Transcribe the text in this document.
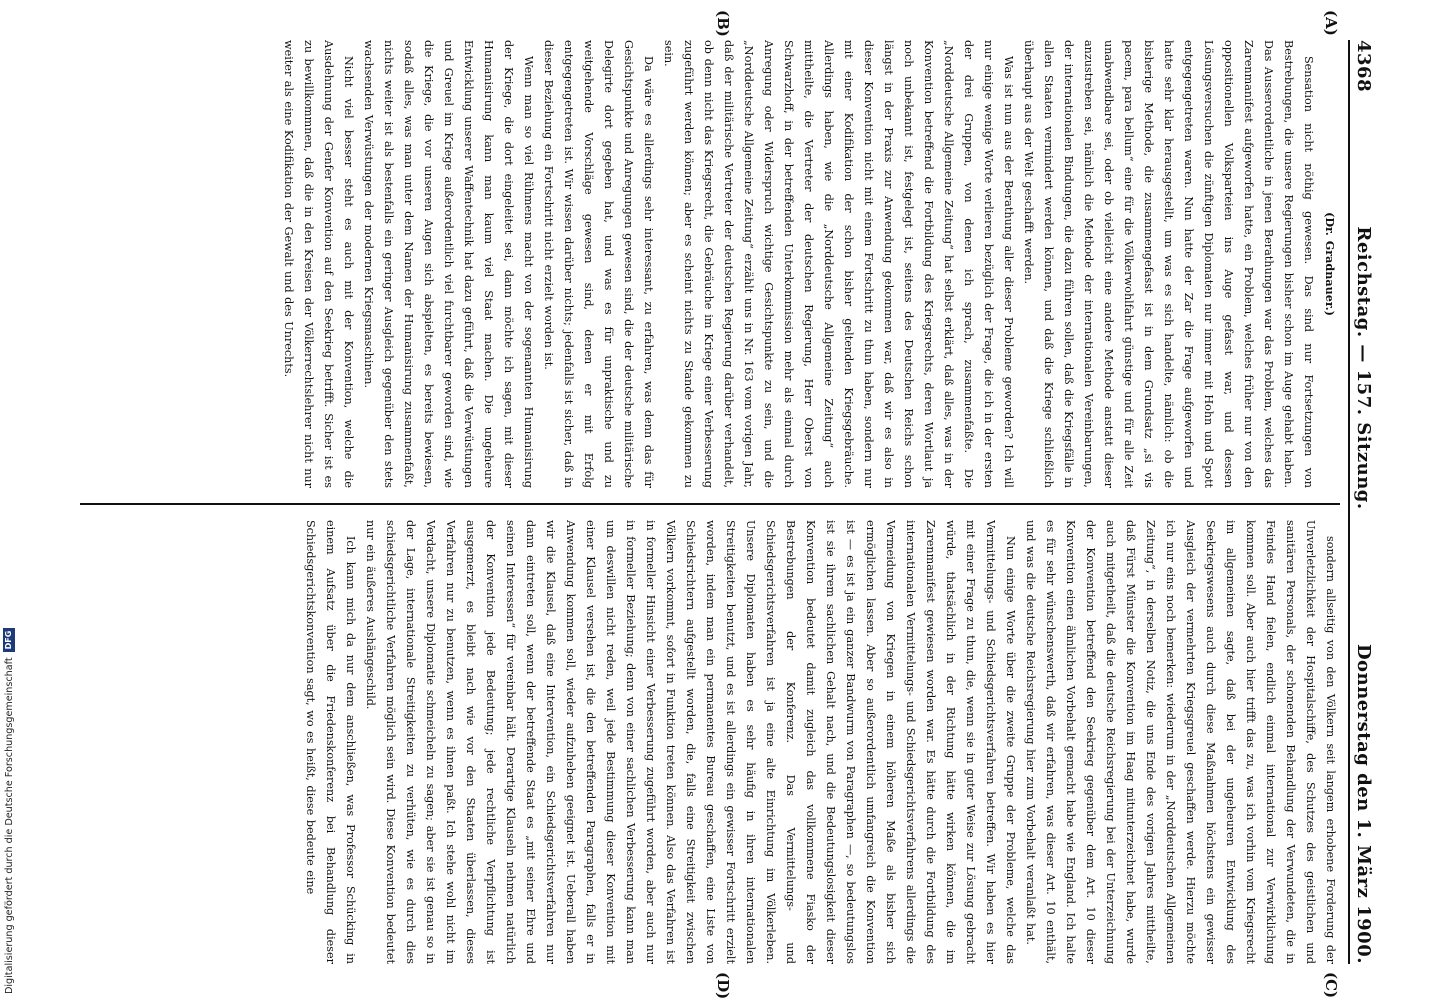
4368
Reichstag. — 157. Sitzung.
Donnerstag den 1. März 1900.
(A)
(B)
(C)
(D)
(Dr. Gradnauer.)

Sensation nicht nöthig gewesen. Das sind nur Fortsetzungen von Bestrebungen, die unsere Regierungen bisher schon im Auge gehabt haben. Das Ausserordentliche in jenen Berathungen war das Problem, welches das Zarenmanifest aufgeworfen hatte, ein Problem, welches früher nur von den oppositionellen Volksparteien ins Auge gefasst war, und dessen Lösungsversuchen die zünftigen Diplomaten nur immer mit Hohn und Spott entgegengetreten waren. Nun hatte der Zar die Frage aufgeworfen und hatte sehr klar herausgestellt, um was es sich handelte, nämlich: ob die bisherige Methode, die zusammengefasst ist in dem Grundsatz „si vis pacem, para bellum“ eine für die Völkerwohlfahrt günstige und für alle Zeit unabwendbare sei, oder ob vielleicht eine andere Methode anstatt dieser anzustreben sei, nämlich die Methode der internationalen Vereinbarungen, der internationalen Bindungen, die dazu führen sollen, daß die Kriegsfälle in allen Staaten vermindert werden können, und daß die Kriege schließlich überhaupt aus der Welt geschafft werden.

Was ist nun aus der Berathung aller dieser Probleme geworden? Ich will nur einige wenige Worte verlieren bezüglich der Frage, die ich in der ersten der drei Gruppen, von denen ich sprach, zusammenfaßte. Die „Norddeutsche Allgemeine Zeitung“ hat selbst erklärt, daß alles, was in der Konvention betreffend die Fortbildung des Kriegsrechts, deren Wortlaut ja noch unbekannt ist, festgelegt ist, seitens des Deutschen Reichs schon längst in der Praxis zur Anwendung gekommen war, daß wir es also in dieser Konvention nicht mit einem Fortschritt zu thun haben, sondern nur mit einer Kodifikation der schon bisher geltenden Kriegsgebräuche. Allerdings haben, wie die „Norddeutsche Allgemeine Zeitung“ auch mittheilte, die Vertreter der deutschen Regierung, Herr Oberst von Schwarzhoff, in der betreffenden Unterkommission mehr als einmal durch Anregung oder Widerspruch wichtige Gesichtspunkte zu sein, und die „Norddeutsche Allgemeine Zeitung“ erzählt uns in Nr. 163 vom vorigen Jahr, daß der militärische Vertreter der deutschen Regierung darüber verhandelt, ob denn nicht das Kriegsrecht, die Gebräuche im Kriege einer Verbesserung zugeführt werden können; aber es scheint nichts zu Stande gekommen zu sein.

Da wäre es allerdings sehr interessant, zu erfahren, was denn das für Gesichtspunkte und Anregungen gewesen sind, die der deutsche militärische Delegirte dort gegeben hat, und was es für unpraktische und zu weitgehende Vorschläge gewesen sind, denen er mit Erfolg entgegengetreten ist. Wir wissen darüber nichts; jedenfalls ist sicher, daß in dieser Beziehung ein Fortschritt nicht erzielt worden ist.

Wenn man so viel Rühmens macht von der sogenannten Humanisirung der Kriege, die dort eingeleitet sei, dann möchte ich sagen, mit dieser Humanisirung kann man kaum viel Staat machen. Die ungeheure Entwicklung unserer Waffentechnik hat dazu geführt, daß die Verwüstungen und Greuel im Kriege außerordentlich viel furchtbarer geworden sind, wie die Kriege, die vor unseren Augen sich abspielten, es bereits bewiesen, sodaß alles, was man unter dem Namen der Humanisirung zusammenfaßt, nichts weiter ist als bestenfalls ein geringer Ausgleich gegenüber den stets wachsenden Verwüstungen der modernen Kriegsmaschinen.

Nicht viel besser steht es auch mit der Konvention, welche die Ausdehnung der Genfer Konvention auf den Seekrieg betrifft. Sicher ist es zu bewillkommnen, daß die in den Kreisen der Völkerrechtslehrer nicht nur weiter als eine Kodifikation der Gewalt und des Unrechts.

sondern allseitig von den Völkern seit langem erhobene Forderung der Unverletzlichkeit der Hospitalschiffe, des Schutzes des geistlichen und sanitären Personals, der schonenden Behandlung der Verwundeten, die in Feindes Hand fielen, endlich einmal international zur Verwirklichung kommen soll. Aber auch hier trifft das zu, was ich vorhin vom Kriegsrecht im allgemeinen sagte, daß bei der ungeheuren Entwicklung des Seekriegswesens auch durch diese Maßnahmen höchstens ein gewisser Ausgleich der vermehrten Kriegsgreuel geschaffen werde. Hierzu möchte ich nur eins noch bemerken: wiederum in der „Norddeutschen Allgemeinen Zeitung“, in derselben Notiz, die uns Ende des vorigen Jahres mittheilte, daß Fürst Münster die Konvention im Haag mitunterzeichnet habe, wurde auch mitgetheilt, daß die deutsche Reichsregierung bei der Unterzeichnung der Konvention betreffend den Seekrieg gegenüber dem Art. 10 dieser Konvention einen ähnlichen Vorbehalt gemacht habe wie England. Ich halte es für sehr wünschenswerth, daß wir erfahren, was dieser Art. 10 enthält, und was die deutsche Reichsregierung hier zum Vorbehalt veranlaßt hat.

Nun einige Worte über die zweite Gruppe der Probleme, welche das Vermittelungs- und Schiedsgerichtsverfahren betreffen. Wir haben es hier mit einer Frage zu thun, die, wenn sie in guter Weise zur Lösung gebracht würde, thatsächlich in der Richtung hätte wirken können, die im Zarenmanifest gewiesen worden war. Es hätte durch die Fortbildung des internationalen Vermittelungs- und Schiedsgerichtsverfahrens allerdings die Vermeidung von Kriegen in einem höheren Maße als bisher sich ermöglichen lassen. Aber so außerordentlich umfangreich die Konvention ist — es ist ja ein ganzer Bandwurm von Paragraphen —, so bedeutungslos ist sie ihrem sachlichen Gehalt nach, und die Bedeutungslosigkeit dieser Konvention bedeutet damit zugleich das vollkommene Fiasko der Bestrebungen der Konferenz. Das Vermittelungs- und Schiedsgerichtsverfahren ist ja eine alte Einrichtung im Völkerleben. Unsere Diplomaten haben es sehr häufig in ihren internationalen Streitigkeiten benutzt, und es ist allerdings ein gewisser Fortschritt erzielt worden, indem man ein permanentes Bureau geschaffen, eine Liste von Schiedsrichtern aufgestellt worden, die, falls eine Streitigkeit zwischen Völkern vorkommt, sofort in Funktion treten können. Also das Verfahren ist in formeller Hinsicht einer Verbesserung zugeführt worden, aber auch nur in formeller Beziehung; denn von einer sachlichen Verbesserung kann man um deswillen nicht reden, weil jede Bestimmung dieser Konvention mit einer Klausel versehen ist, die den betreffenden Paragraphen, falls er in Anwendung kommen soll, wieder aufzuheben geeignet ist. Ueberall haben wir die Klausel, daß eine Intervention, ein Schiedsgerichtsverfahren nur dann eintreten soll, wenn der betreffende Staat es „mit seiner Ehre und seinen Interessen“ für vereinbar hält. Derartige Klauseln nehmen natürlich der Konvention jede Bedeutung; jede rechtliche Verpflichtung ist ausgemerzt, es bleibt nach wie vor den Staaten überlassen, dieses Verfahren nur zu benutzen, wenn es ihnen paßt. Ich stehe wohl nicht im Verdacht, unsere Diplomatie schmeicheln zu sagen; aber sie ist genau so in der Lage, internationale Streitigkeiten zu verhüten, wie es durch dies schiedsgerichtliche Verfahren möglich sein wird. Diese Konvention bedeutet nur ein äußeres Aushängeschild.

Ich kann mich da nur dem anschließen, was Professor Schücking in einem Aufsatz über die Friedenskonferenz bei Behandlung dieser Schiedsgerichtskonvention sagt, wo es heißt, diese bedeute eine

Digitalisierung gefördert durch die Deutsche Forschungsgemeinschaft
DFG
